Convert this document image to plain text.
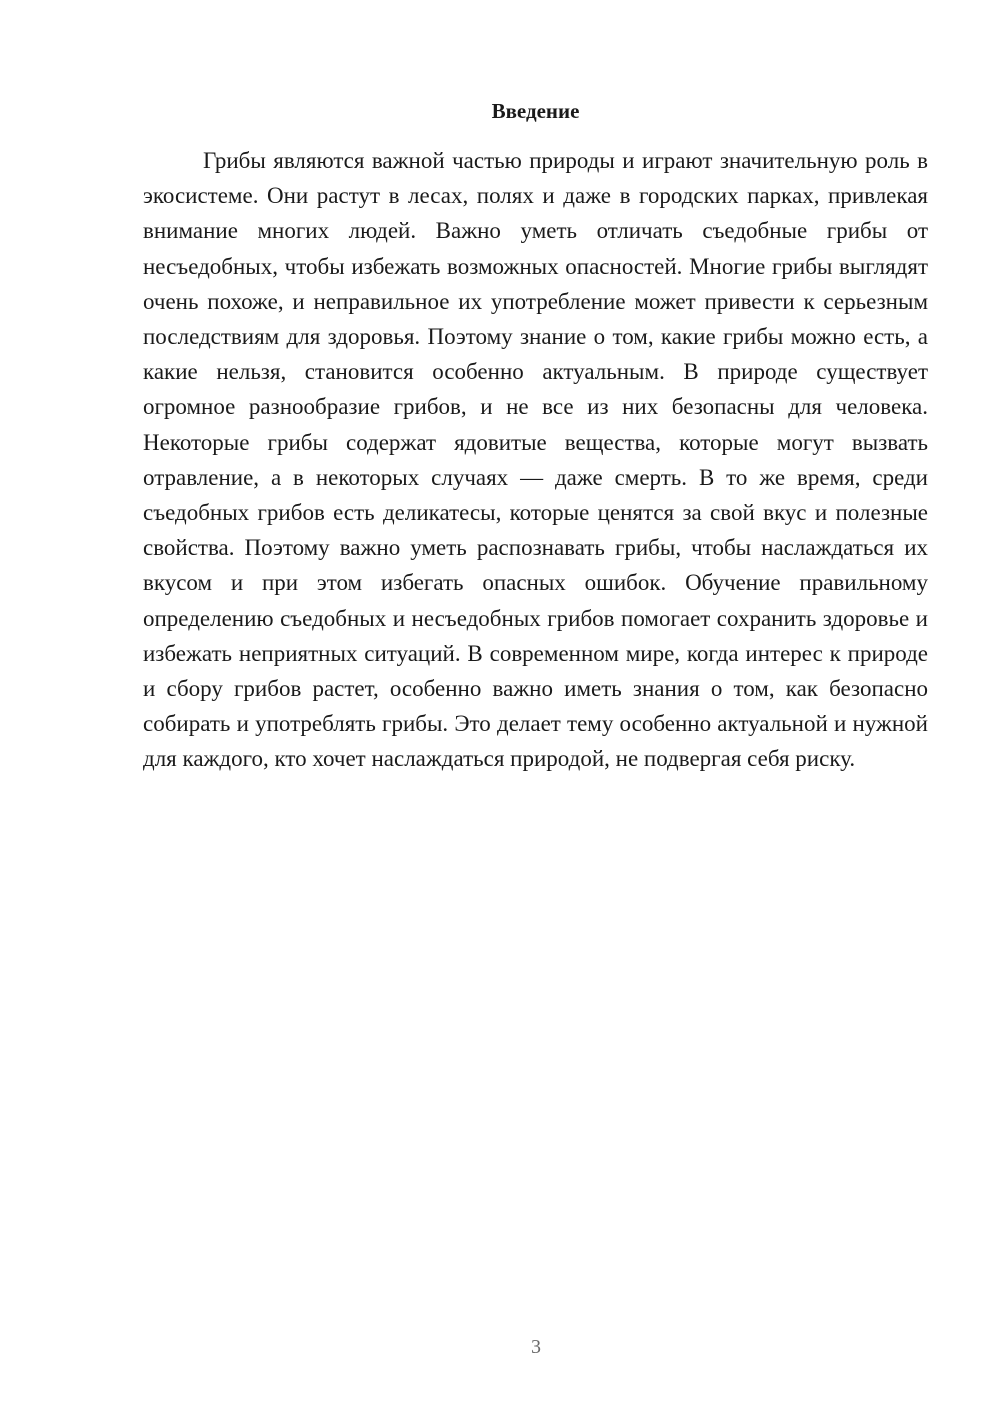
Введение

Грибы являются важной частью природы и играют значительную роль в экосистеме. Они растут в лесах, полях и даже в городских парках, привлекая внимание многих людей. Важно уметь отличать съедобные грибы от несъедобных, чтобы избежать возможных опасностей. Многие грибы выглядят очень похоже, и неправильное их употребление может привести к серьезным последствиям для здоровья. Поэтому знание о том, какие грибы можно есть, а какие нельзя, становится особенно актуальным. В природе существует огромное разнообразие грибов, и не все из них безопасны для человека. Некоторые грибы содержат ядовитые вещества, которые могут вызвать отравление, а в некоторых случаях — даже смерть. В то же время, среди съедобных грибов есть деликатесы, которые ценятся за свой вкус и полезные свойства. Поэтому важно уметь распознавать грибы, чтобы наслаждаться их вкусом и при этом избегать опасных ошибок. Обучение правильному определению съедобных и несъедобных грибов помогает сохранить здоровье и избежать неприятных ситуаций. В современном мире, когда интерес к природе и сбору грибов растет, особенно важно иметь знания о том, как безопасно собирать и употреблять грибы. Это делает тему особенно актуальной и нужной для каждого, кто хочет наслаждаться природой, не подвергая себя риску.

3
